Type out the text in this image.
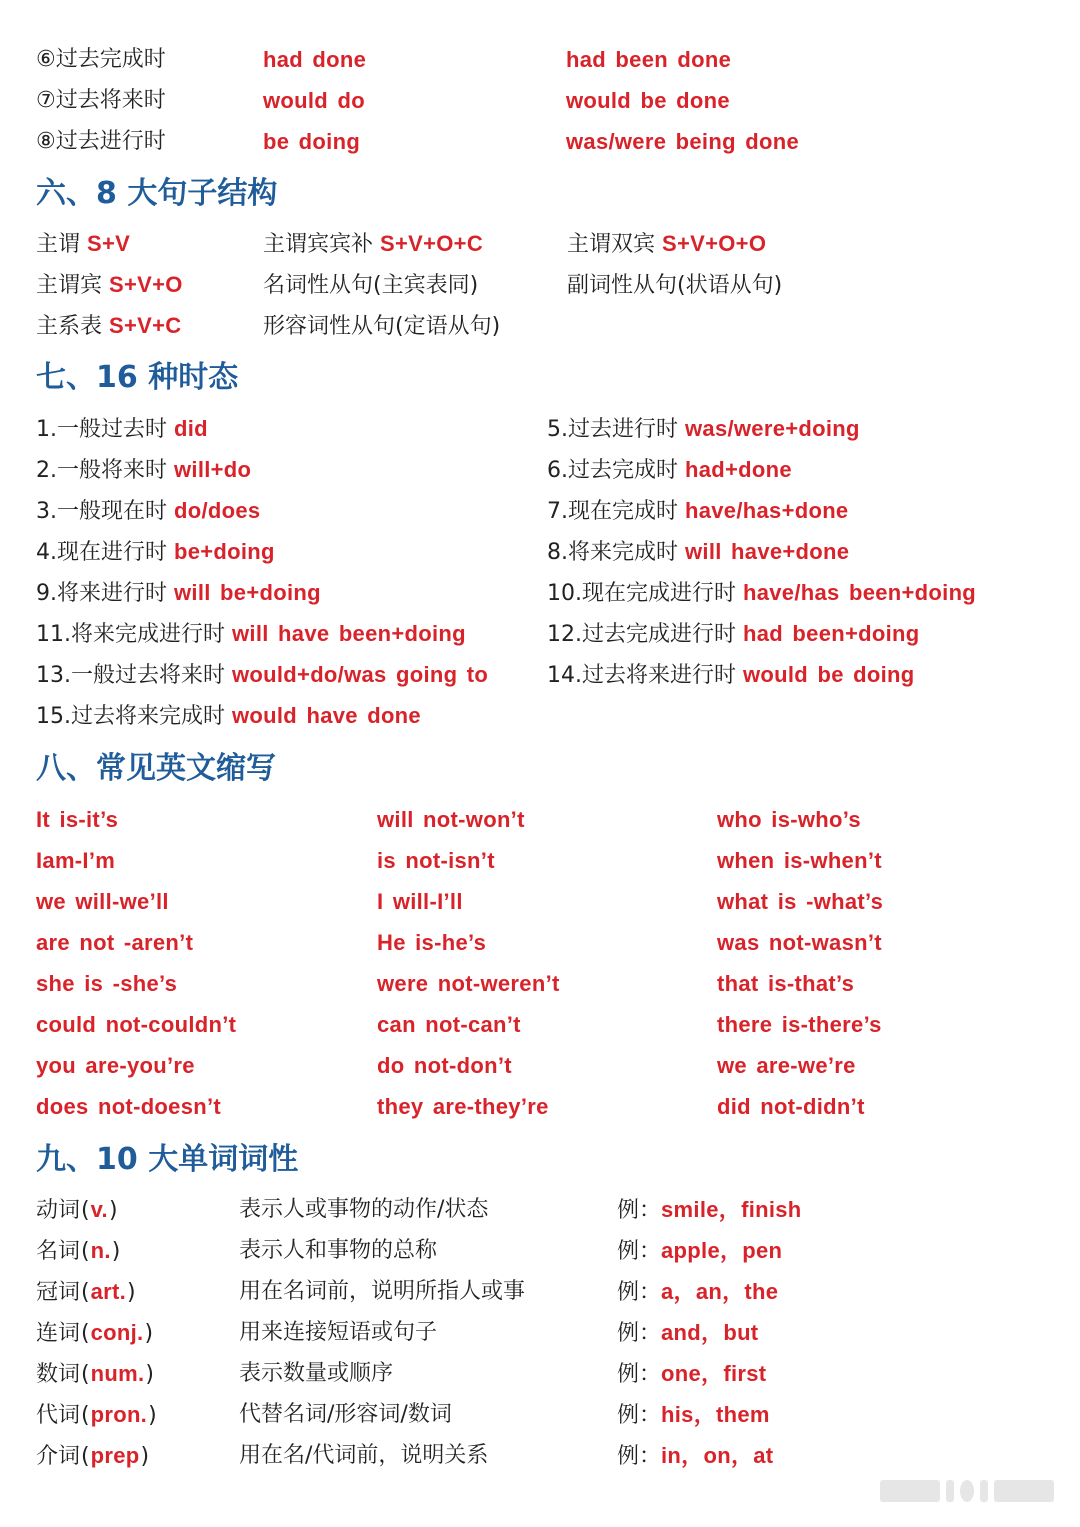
⑥过去完成时	had done	had been done
⑦过去将来时	would do	would be done
⑧过去进行时	be doing	was/were being done
六、8 大句子结构
主谓 S+V	主谓宾宾补 S+V+O+C	主谓双宾 S+V+O+O
主谓宾 S+V+O	名词性从句(主宾表同)	副词性从句(状语从句)
主系表 S+V+C	形容词性从句(定语从句)
七、16 种时态
1.一般过去时 did	5.过去进行时 was/were+doing
2.一般将来时 will+do	6.过去完成时 had+done
3.一般现在时 do/does	7.现在完成时 have/has+done
4.现在进行时 be+doing	8.将来完成时 will have+done
9.将来进行时 will be+doing	10.现在完成进行时 have/has been+doing
11.将来完成进行时 will have been+doing	12.过去完成进行时 had been+doing
13.一般过去将来时 would+do/was going to	14.过去将来进行时 would be doing
15.过去将来完成时 would have done
八、常见英文缩写
It is-it’s	will not-won’t	who is-who’s
Iam-I’m	is not-isn’t	when is-when’t
we will-we’ll	I will-I’ll	what is -what’s
are not -aren’t	He is-he’s	was not-wasn’t
she is -she’s	were not-weren’t	that is-that’s
could not-couldn’t	can not-can’t	there is-there’s
you are-you’re	do not-don’t	we are-we’re
does not-doesn’t	they are-they’re	did not-didn’t
九、10 大单词词性
动词(v.)	表示人或事物的动作/状态	例：smile，finish
名词(n.)	表示人和事物的总称	例：apple，pen
冠词(art.)	用在名词前，说明所指人或事	例：a，an，the
连词(conj.)	用来连接短语或句子	例：and，but
数词(num.)	表示数量或顺序	例：one，first
代词(pron.)	代替名词/形容词/数词	例：his，them
介词(prep)	用在名/代词前，说明关系	例：in，on，at
